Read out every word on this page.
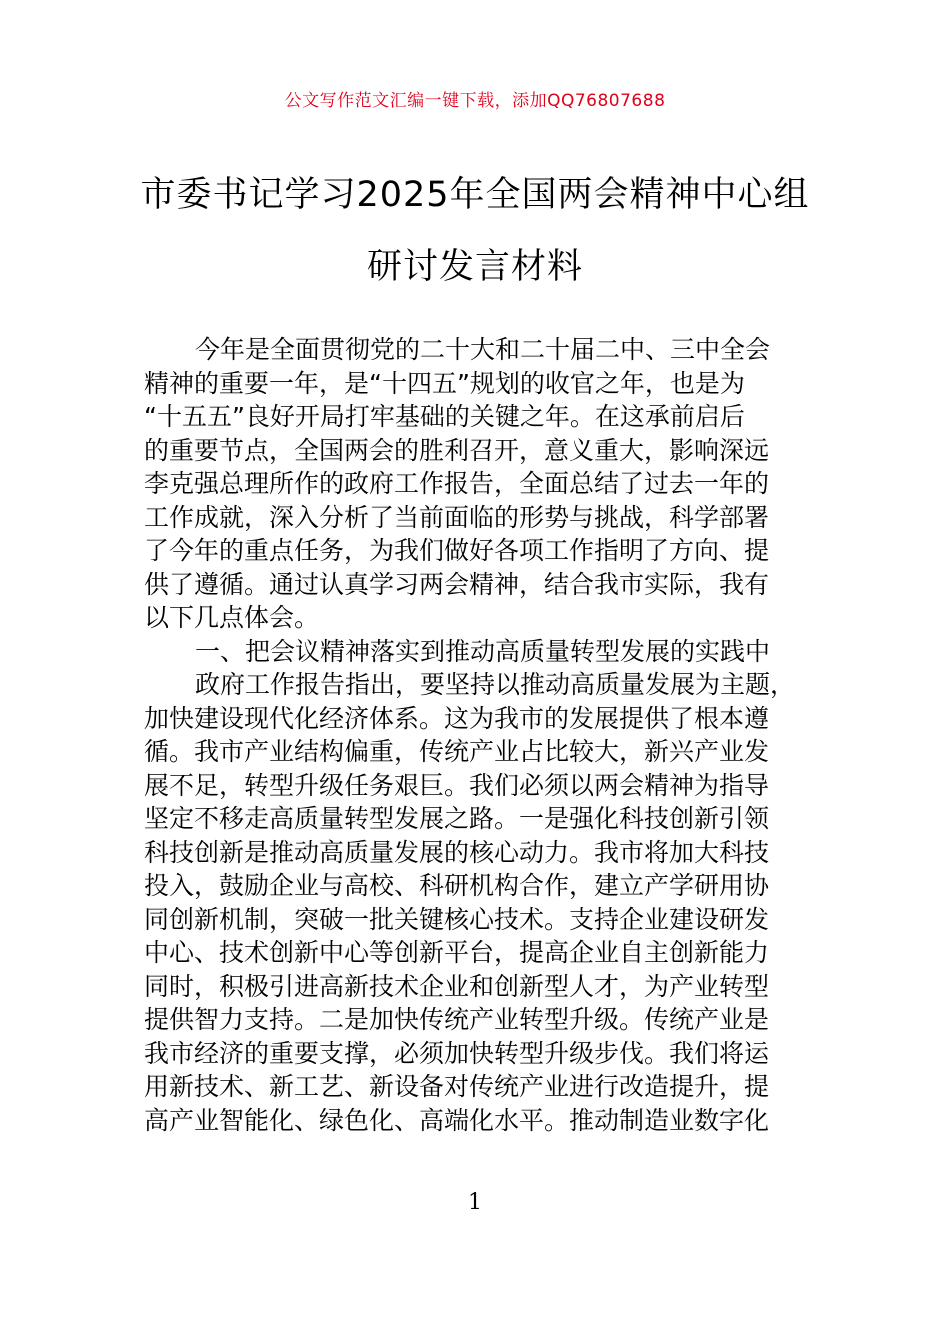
公文写作范文汇编一键下载，添加QQ76807688
市委书记学习2025年全国两会精神中心组
研讨发言材料
今年是全面贯彻党的二十大和二十届二中、三中全会
精神的重要一年，是“十四五”规划的收官之年，也是为
“十五五”良好开局打牢基础的关键之年。在这承前启后
的重要节点，全国两会的胜利召开，意义重大，影响深远
李克强总理所作的政府工作报告，全面总结了过去一年的
工作成就，深入分析了当前面临的形势与挑战，科学部署
了今年的重点任务，为我们做好各项工作指明了方向、提
供了遵循。通过认真学习两会精神，结合我市实际，我有
以下几点体会。
一、把会议精神落实到推动高质量转型发展的实践中
政府工作报告指出，要坚持以推动高质量发展为主题，
加快建设现代化经济体系。这为我市的发展提供了根本遵
循。我市产业结构偏重，传统产业占比较大，新兴产业发
展不足，转型升级任务艰巨。我们必须以两会精神为指导
坚定不移走高质量转型发展之路。一是强化科技创新引领
科技创新是推动高质量发展的核心动力。我市将加大科技
投入，鼓励企业与高校、科研机构合作，建立产学研用协
同创新机制，突破一批关键核心技术。支持企业建设研发
中心、技术创新中心等创新平台，提高企业自主创新能力
同时，积极引进高新技术企业和创新型人才，为产业转型
提供智力支持。二是加快传统产业转型升级。传统产业是
我市经济的重要支撑，必须加快转型升级步伐。我们将运
用新技术、新工艺、新设备对传统产业进行改造提升，提
高产业智能化、绿色化、高端化水平。推动制造业数字化
1
